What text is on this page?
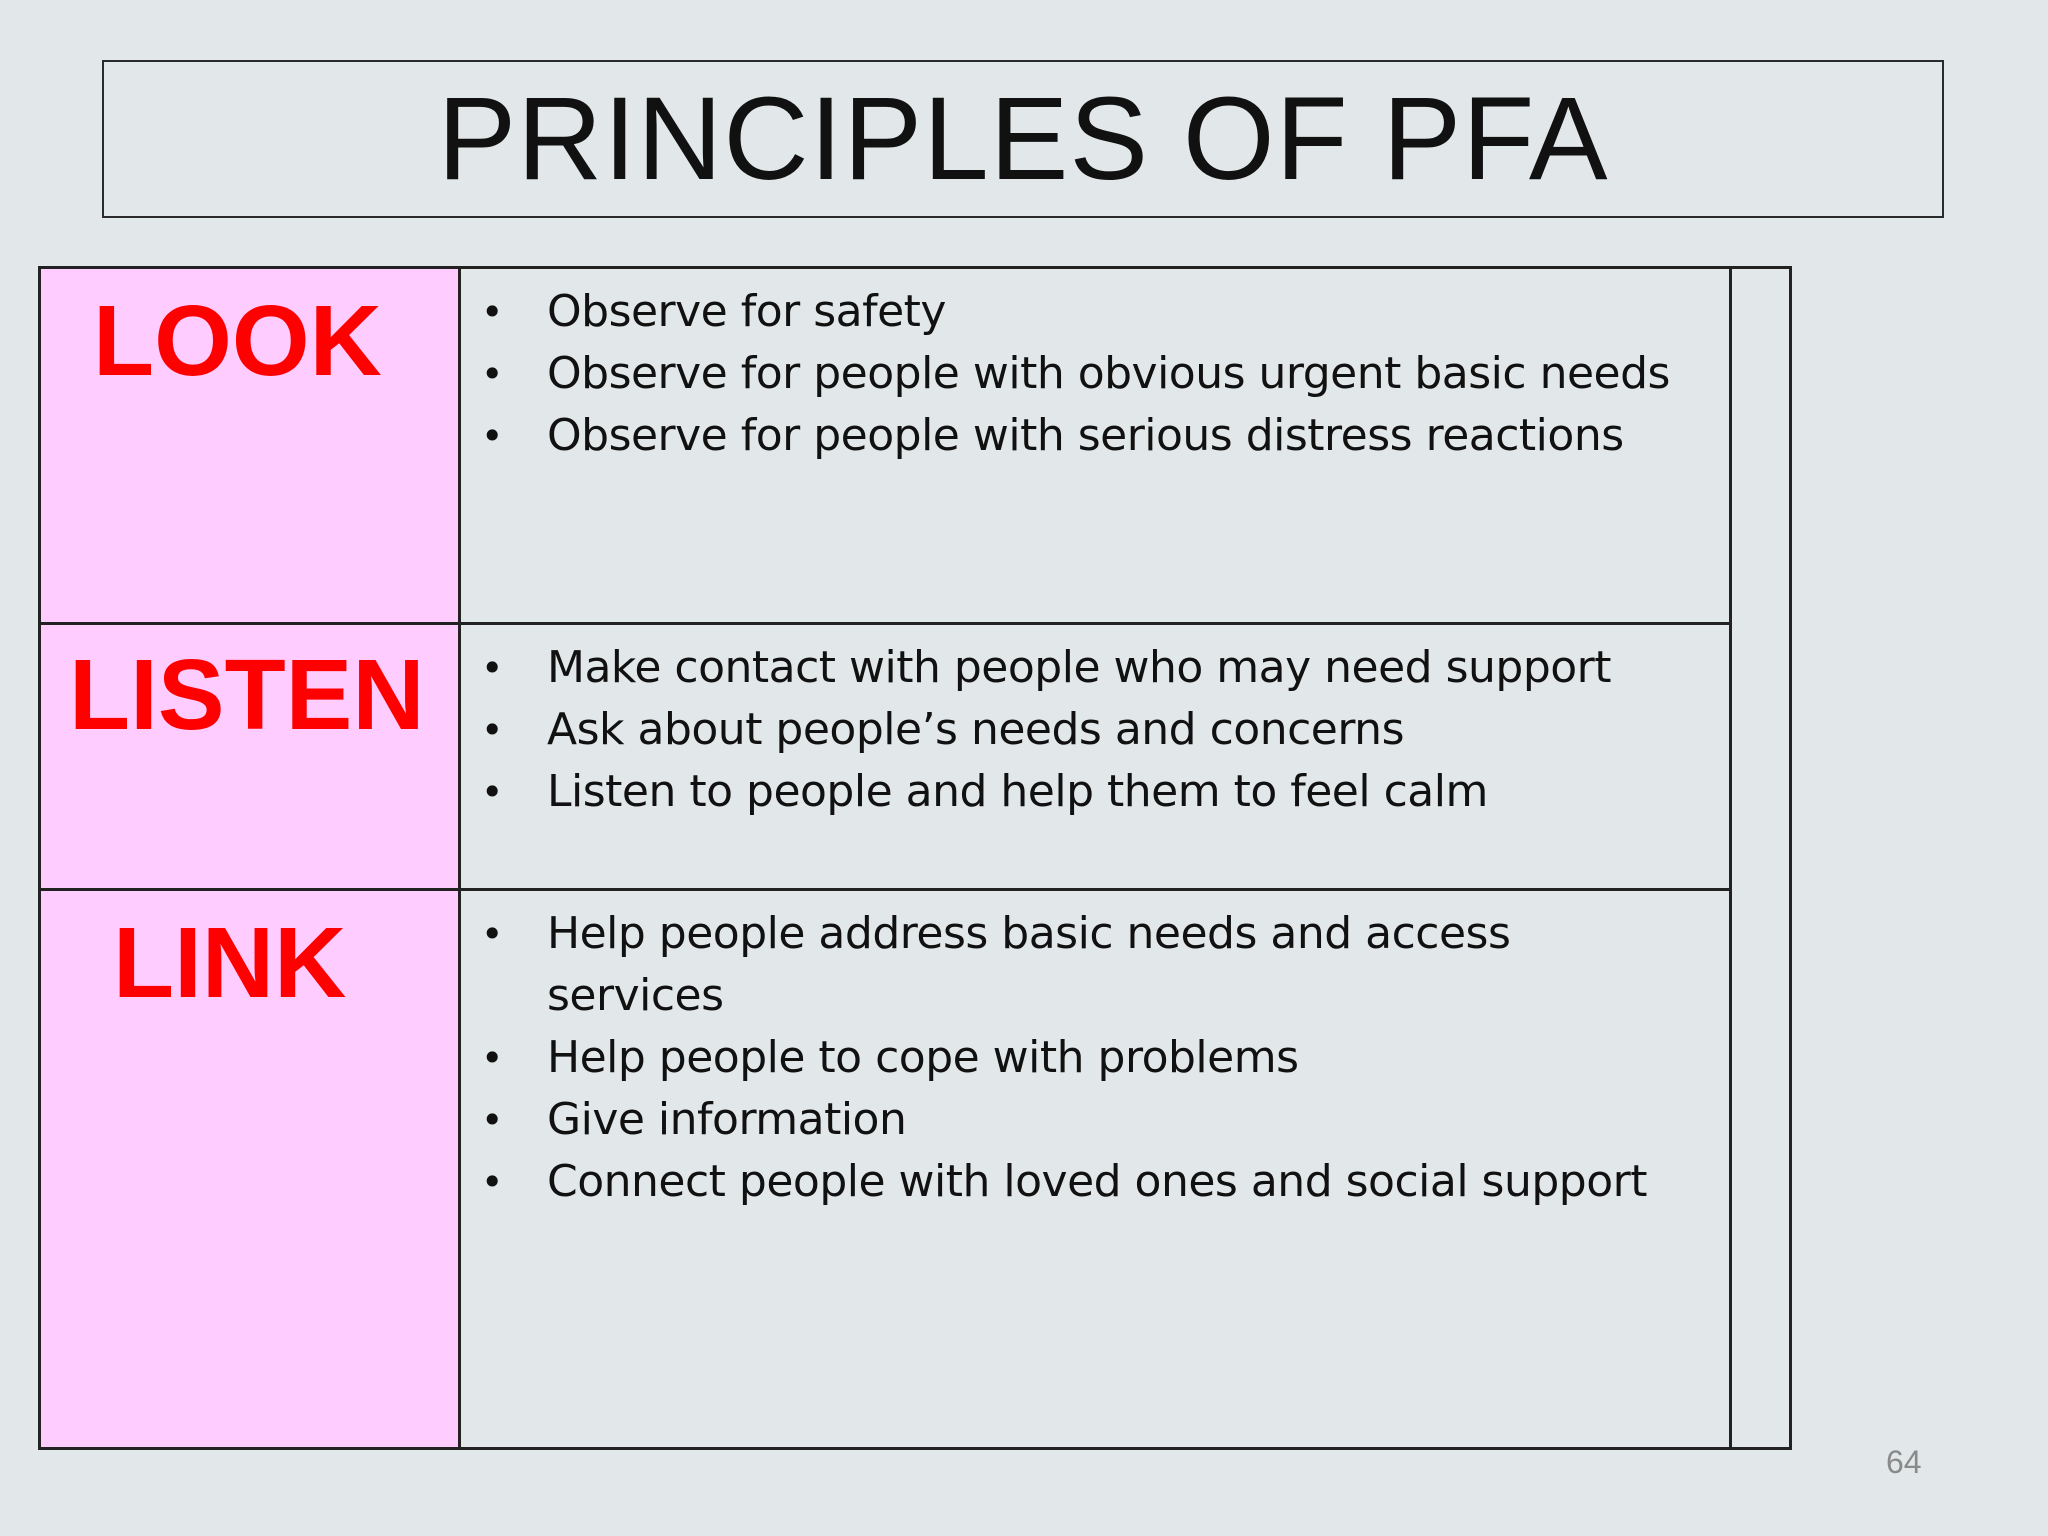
PRINCIPLES OF PFA
LOOK	• Observe for safety
• Observe for people with obvious urgent basic needs
• Observe for people with serious distress reactions
LISTEN	• Make contact with people who may need support
• Ask about people’s needs and concerns
• Listen to people and help them to feel calm
LINK	• Help people address basic needs and access services
• Help people to cope with problems
• Give information
• Connect people with loved ones and social support
64
